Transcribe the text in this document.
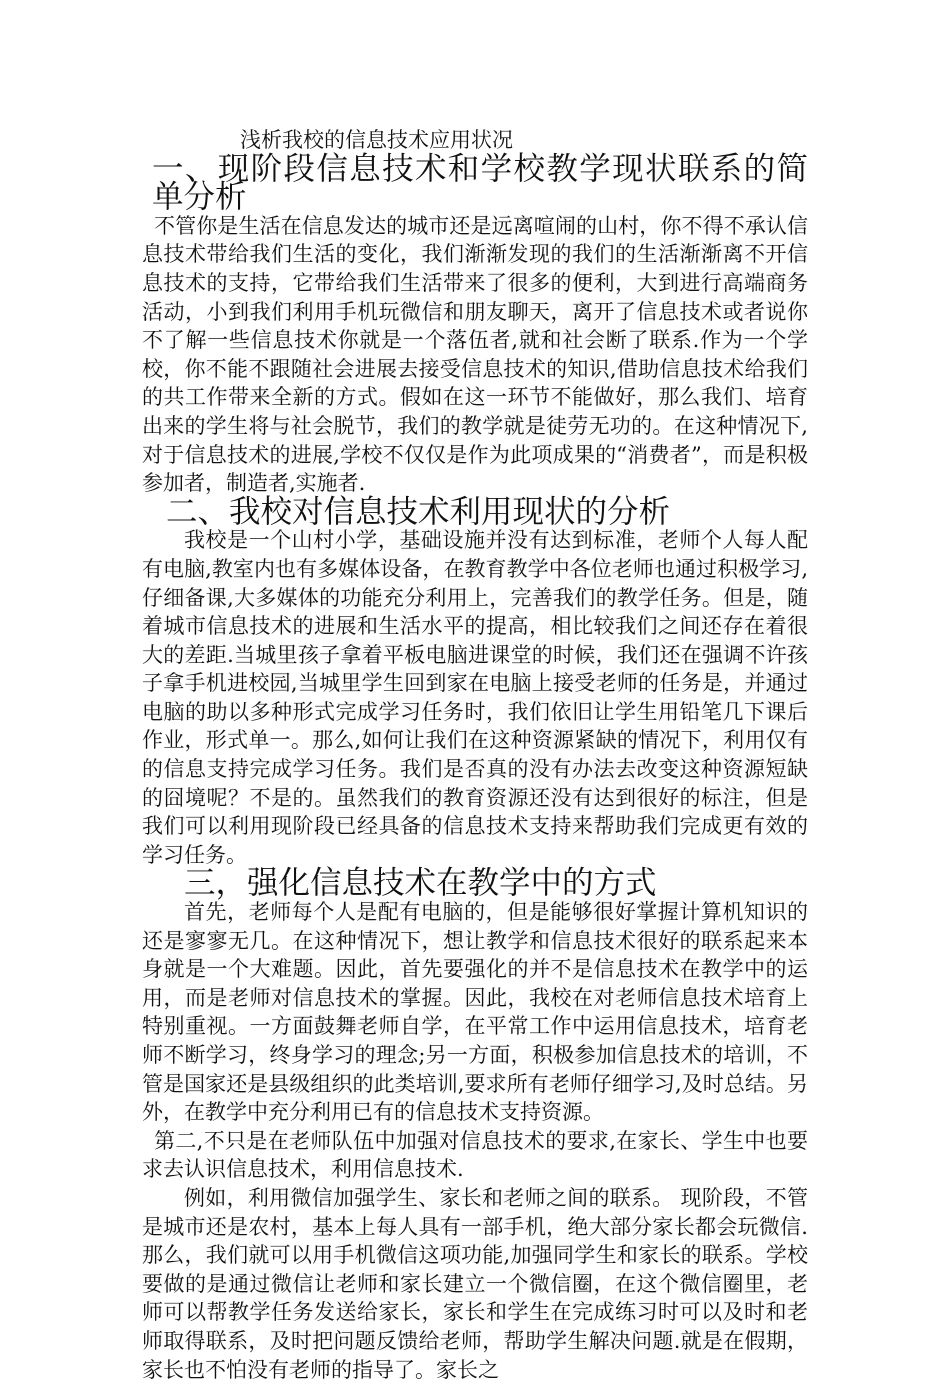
浅析我校的信息技术应用状况
一、现阶段信息技术和学校教学现状联系的简单分析

不管你是生活在信息发达的城市还是远离喧闹的山村，你不得不承认信息技术带给我们生活的变化，我们渐渐发现的我们的生活渐渐离不开信息技术的支持，它带给我们生活带来了很多的便利，大到进行高端商务活动，小到我们利用手机玩微信和朋友聊天，离开了信息技术或者说你不了解一些信息技术你就是一个落伍者,就和社会断了联系.作为一个学校，你不能不跟随社会进展去接受信息技术的知识,借助信息技术给我们的共工作带来全新的方式。假如在这一环节不能做好，那么我们、培育出来的学生将与社会脱节，我们的教学就是徒劳无功的。在这种情况下,对于信息技术的进展,学校不仅仅是作为此项成果的“消费者”，而是积极参加者，制造者,实施者.

二、我校对信息技术利用现状的分析

我校是一个山村小学，基础设施并没有达到标准，老师个人每人配有电脑,教室内也有多媒体设备，在教育教学中各位老师也通过积极学习,仔细备课,大多媒体的功能充分利用上，完善我们的教学任务。但是，随着城市信息技术的进展和生活水平的提高，相比较我们之间还存在着很大的差距.当城里孩子拿着平板电脑进课堂的时候，我们还在强调不许孩子拿手机进校园,当城里学生回到家在电脑上接受老师的任务是，并通过电脑的助以多种形式完成学习任务时，我们依旧让学生用铅笔几下课后作业，形式单一。那么,如何让我们在这种资源紧缺的情况下，利用仅有的信息支持完成学习任务。我们是否真的没有办法去改变这种资源短缺的囧境呢？不是的。虽然我们的教育资源还没有达到很好的标注，但是我们可以利用现阶段已经具备的信息技术支持来帮助我们完成更有效的学习任务。

三，强化信息技术在教学中的方式

首先，老师每个人是配有电脑的，但是能够很好掌握计算机知识的还是寥寥无几。在这种情况下，想让教学和信息技术很好的联系起来本身就是一个大难题。因此，首先要强化的并不是信息技术在教学中的运用，而是老师对信息技术的掌握。因此，我校在对老师信息技术培育上特别重视。一方面鼓舞老师自学，在平常工作中运用信息技术，培育老师不断学习，终身学习的理念;另一方面，积极参加信息技术的培训，不管是国家还是县级组织的此类培训,要求所有老师仔细学习,及时总结。另外，在教学中充分利用已有的信息技术支持资源。

第二,不只是在老师队伍中加强对信息技术的要求,在家长、学生中也要求去认识信息技术，利用信息技术.

例如，利用微信加强学生、家长和老师之间的联系。 现阶段，不管是城市还是农村，基本上每人具有一部手机，绝大部分家长都会玩微信.那么，我们就可以用手机微信这项功能,加强同学生和家长的联系。学校要做的是通过微信让老师和家长建立一个微信圈，在这个微信圈里，老师可以帮教学任务发送给家长，家长和学生在完成练习时可以及时和老师取得联系，及时把问题反馈给老师，帮助学生解决问题.就是在假期，家长也不怕没有老师的指导了。家长之
